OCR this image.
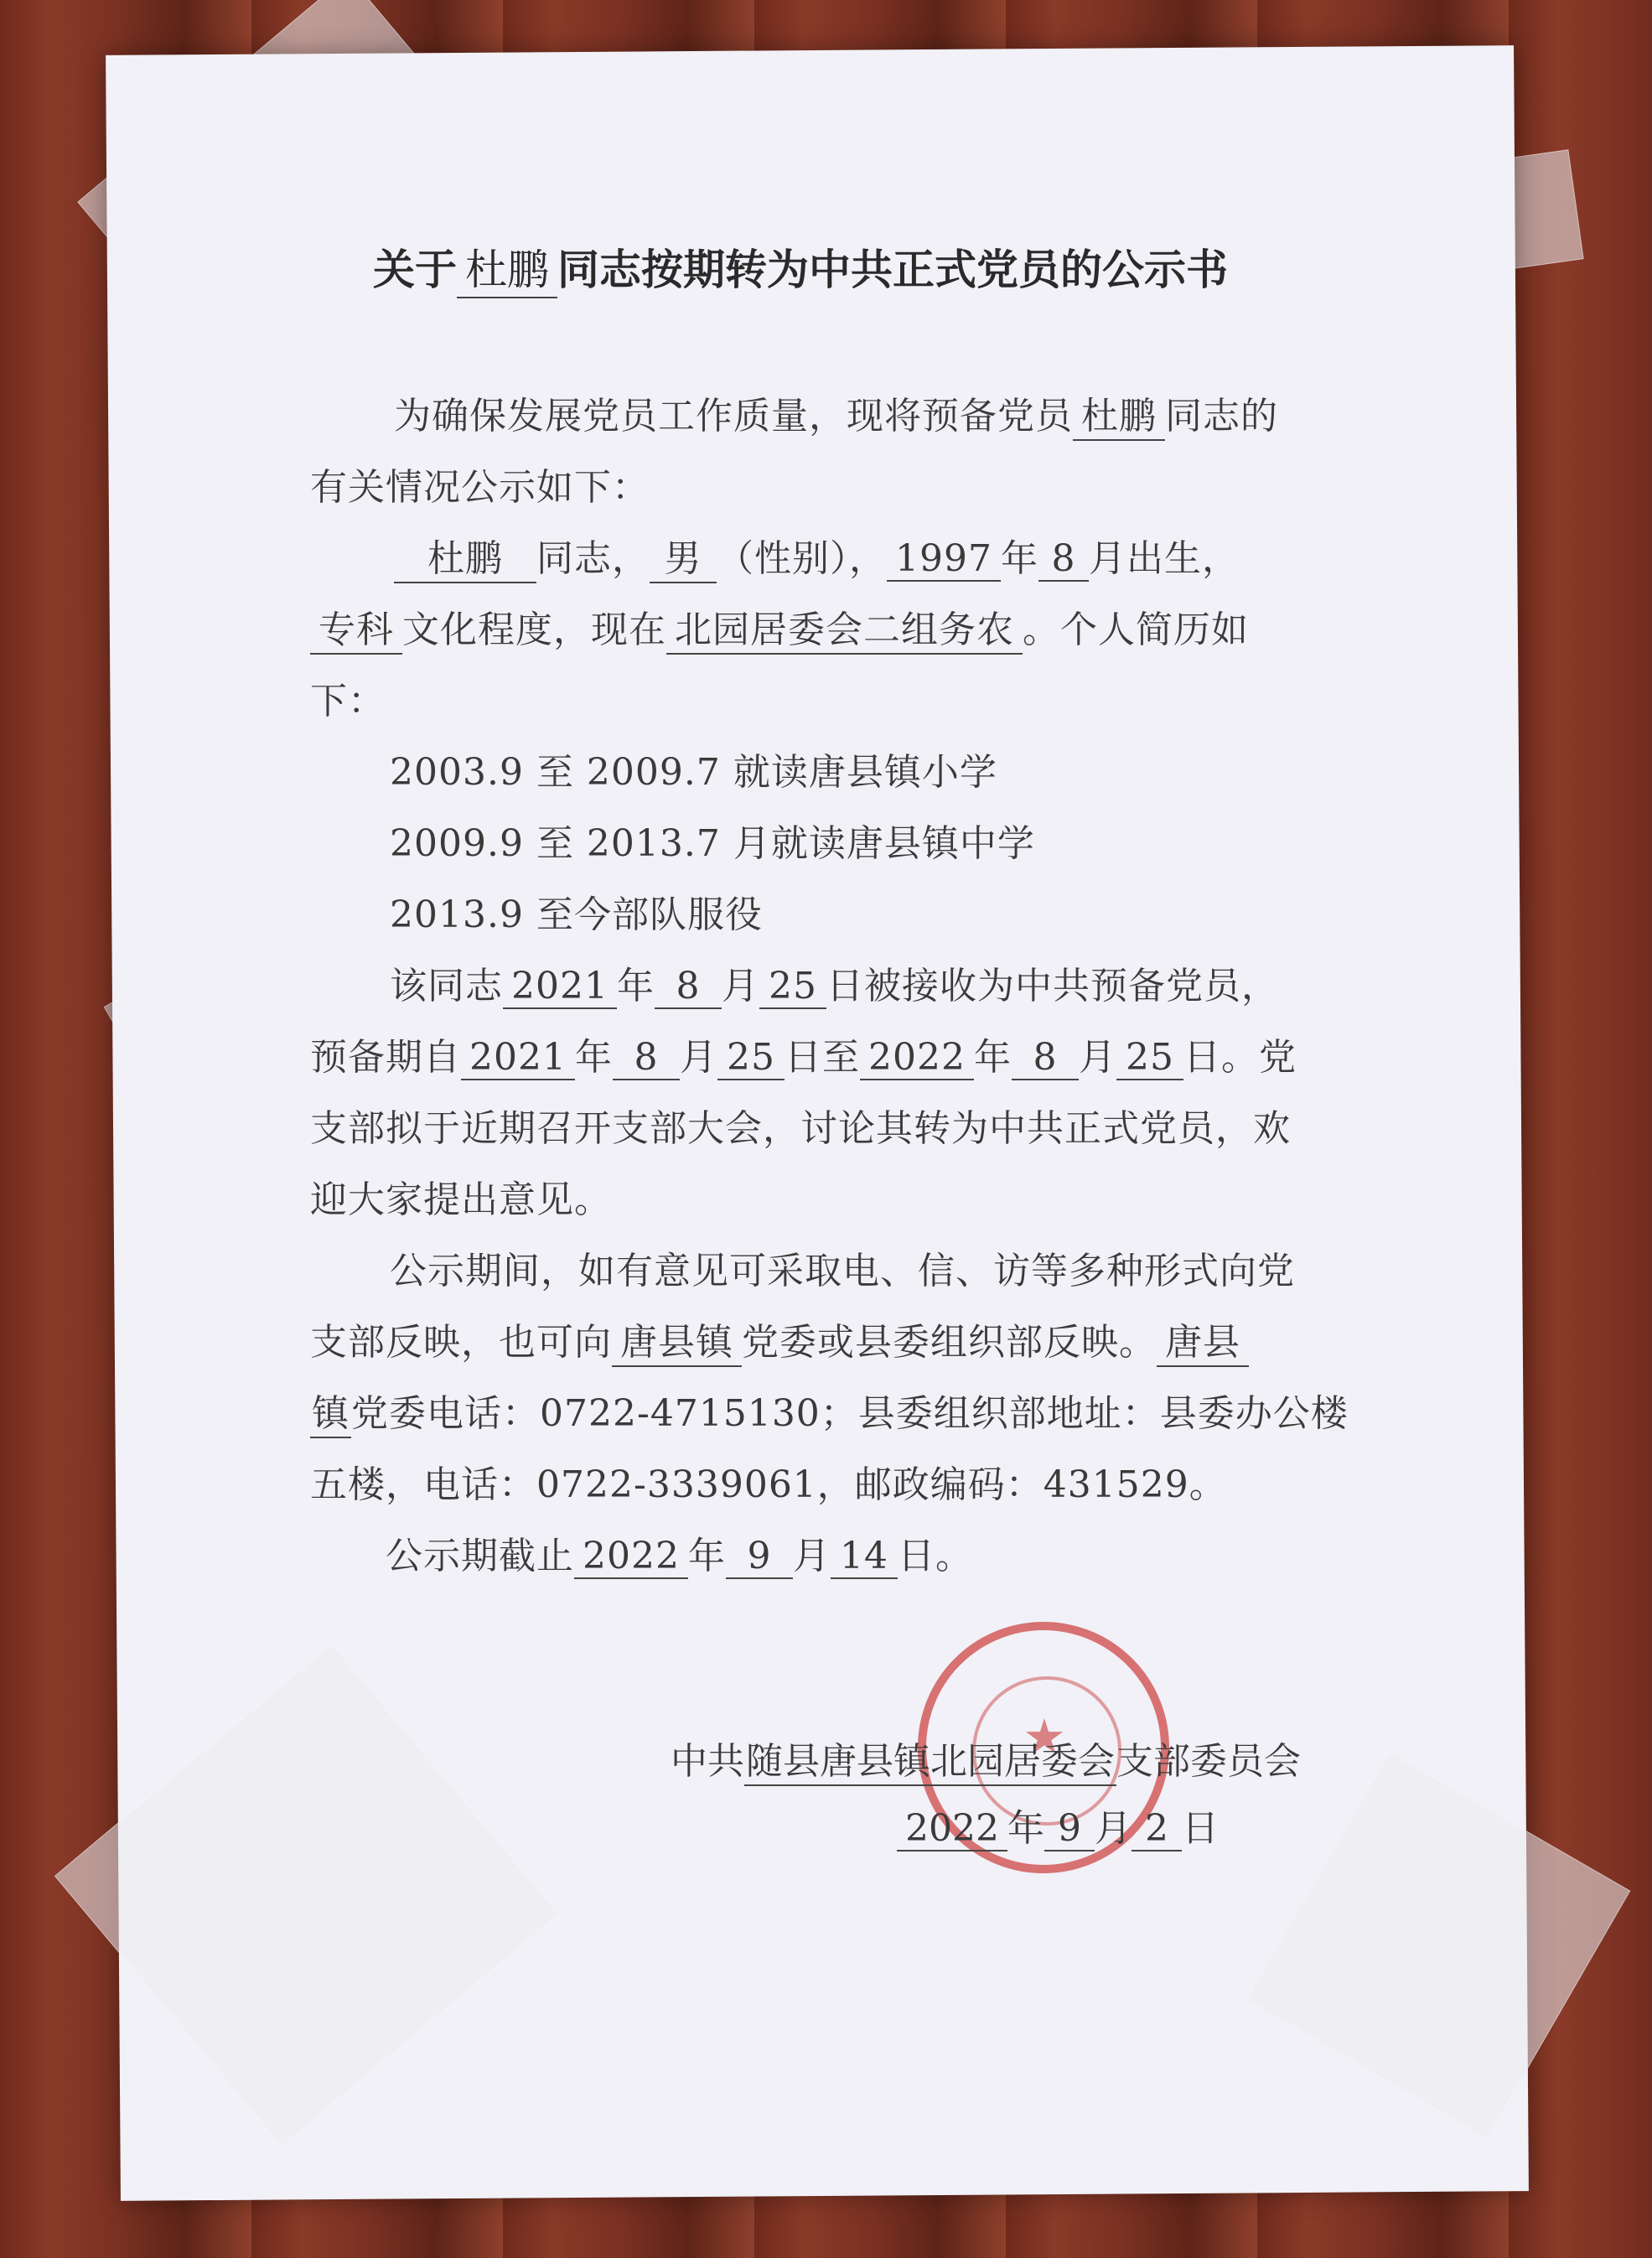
关于 杜鹏 同志按期转为中共正式党员的公示书
为确保发展党员工作质量，现将预备党员 杜鹏 同志的
有关情况公示如下：
杜鹏 同志， 男 （性别）， 1997 年 8 月出生，
专科 文化程度，现在 北园居委会二组务农 。个人简历如
下：
2003.9 至 2009.7 就读唐县镇小学
2009.9 至 2013.7 月就读唐县镇中学
2013.9 至今部队服役
该同志 2021 年 8 月 25 日被接收为中共预备党员，
预备期自 2021 年 8 月 25 日至 2022 年 8 月 25 日。党
支部拟于近期召开支部大会，讨论其转为中共正式党员，欢
迎大家提出意见。
公示期间，如有意见可采取电、信、访等多种形式向党
支部反映，也可向 唐县镇 党委或县委组织部反映。 唐县
镇党委电话：0722-4715130；县委组织部地址：县委办公楼
五楼，电话：0722-3339061，邮政编码：431529。
公示期截止 2022 年 9 月 14 日。
中共随县唐县镇北园居委会支部委员会
2022 年 9 月 2 日
